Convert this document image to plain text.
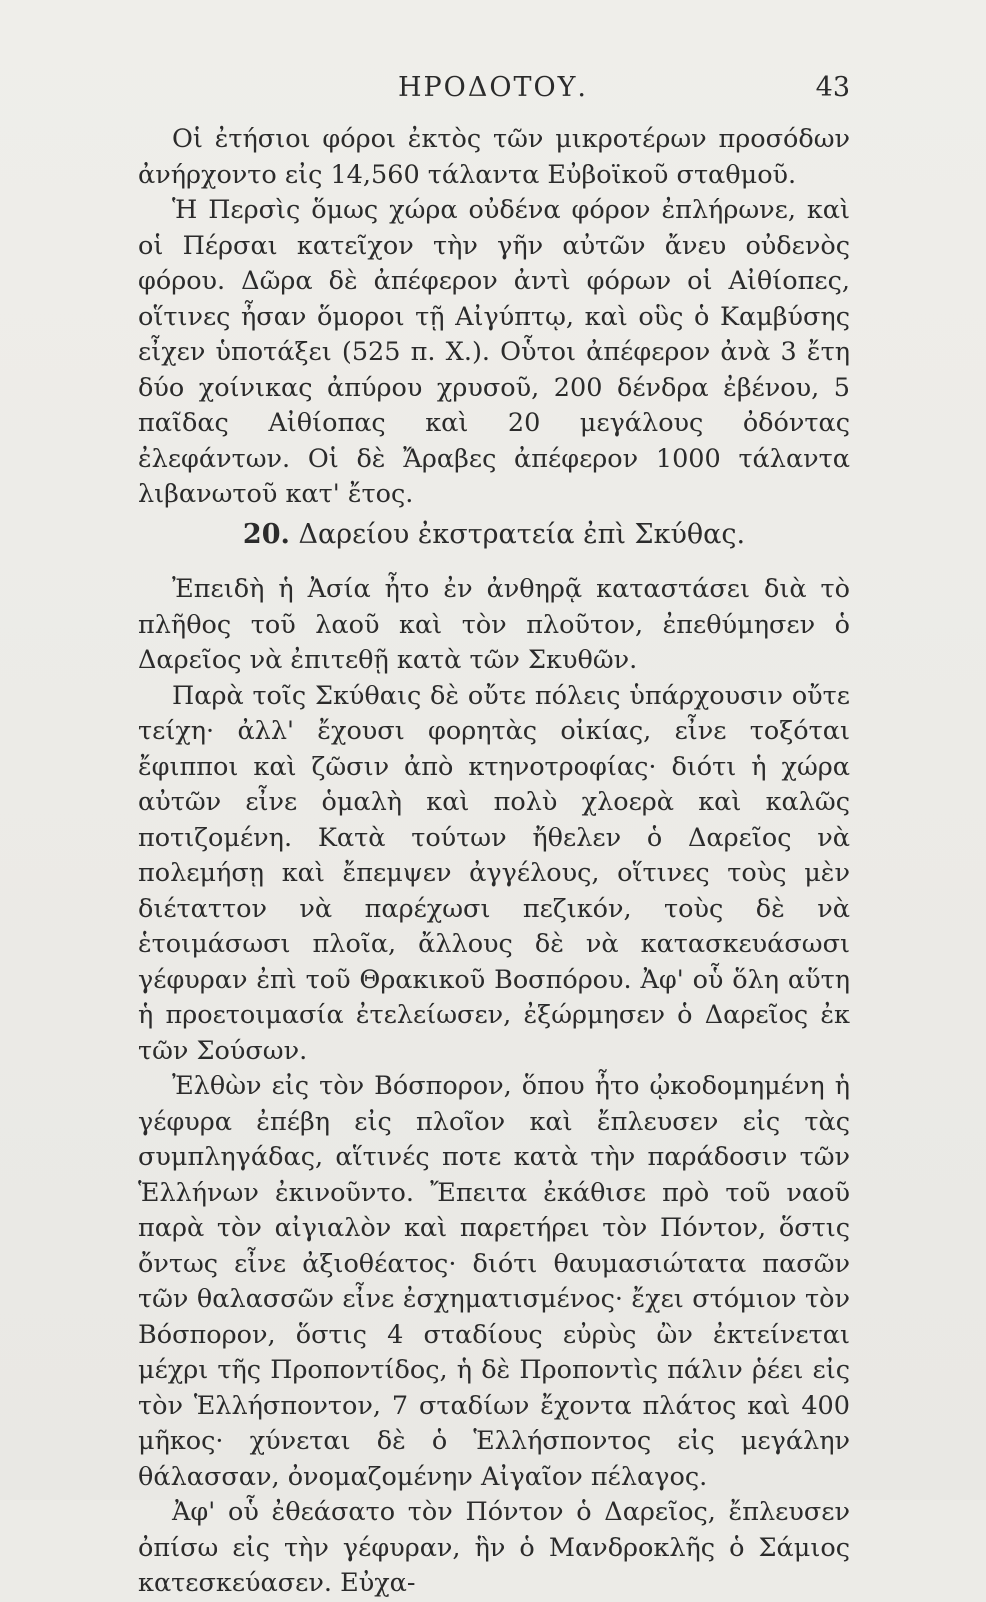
ΗΡΟΔΟΤΟΥ.	43

Οἱ ἐτήσιοι φόροι ἐκτὸς τῶν μικροτέρων προσόδων ἀνήρχοντο εἰς 14,560 τάλαντα Εὐβοϊκοῦ σταθμοῦ.

Ἡ Περσὶς ὅμως χώρα οὐδένα φόρον ἐπλήρωνε, καὶ οἱ Πέρσαι κατεῖχον τὴν γῆν αὐτῶν ἄνευ οὐδενὸς φόρου. Δῶρα δὲ ἀπέφερον ἀντὶ φόρων οἱ Αἰθίοπες, οἵτινες ἦσαν ὅμοροι τῇ Αἰγύπτῳ, καὶ οὓς ὁ Καμβύσης εἶχεν ὑποτάξει (525 π. Χ.). Οὗτοι ἀπέφερον ἀνὰ 3 ἔτη δύο χοίνικας ἀπύρου χρυσοῦ, 200 δένδρα ἐβένου, 5 παῖδας Αἰθίοπας καὶ 20 μεγάλους ὀδόντας ἐλεφάντων. Οἱ δὲ Ἄραβες ἀπέφερον 1000 τάλαντα λιβανωτοῦ κατ' ἔτος.

20. Δαρείου ἐκστρατεία ἐπὶ Σκύθας.

Ἐπειδὴ ἡ Ἀσία ἦτο ἐν ἀνθηρᾷ καταστάσει διὰ τὸ πλῆθος τοῦ λαοῦ καὶ τὸν πλοῦτον, ἐπεθύμησεν ὁ Δαρεῖος νὰ ἐπιτεθῇ κατὰ τῶν Σκυθῶν.

Παρὰ τοῖς Σκύθαις δὲ οὔτε πόλεις ὑπάρχουσιν οὔτε τείχη· ἀλλ' ἔχουσι φορητὰς οἰκίας, εἶνε τοξόται ἔφιπποι καὶ ζῶσιν ἀπὸ κτηνοτροφίας· διότι ἡ χώρα αὐτῶν εἶνε ὁμαλὴ καὶ πολὺ χλοερὰ καὶ καλῶς ποτιζομένη. Κατὰ τούτων ἤθελεν ὁ Δαρεῖος νὰ πολεμήσῃ καὶ ἔπεμψεν ἀγγέλους, οἵτινες τοὺς μὲν διέταττον νὰ παρέχωσι πεζικόν, τοὺς δὲ νὰ ἑτοιμάσωσι πλοῖα, ἄλλους δὲ νὰ κατασκευάσωσι γέφυραν ἐπὶ τοῦ Θρακικοῦ Βοσπόρου. Ἀφ' οὗ ὅλη αὕτη ἡ προετοιμασία ἐτελείωσεν, ἐξώρμησεν ὁ Δαρεῖος ἐκ τῶν Σούσων.

Ἐλθὼν εἰς τὸν Βόσπορον, ὅπου ἦτο ᾠκοδομημένη ἡ γέφυρα ἐπέβη εἰς πλοῖον καὶ ἔπλευσεν εἰς τὰς συμπληγάδας, αἵτινές ποτε κατὰ τὴν παράδοσιν τῶν Ἑλλήνων ἐκινοῦντο. Ἔπειτα ἐκάθισε πρὸ τοῦ ναοῦ παρὰ τὸν αἰγιαλὸν καὶ παρετήρει τὸν Πόντον, ὅστις ὄντως εἶνε ἀξιοθέατος· διότι θαυμασιώτατα πασῶν τῶν θαλασσῶν εἶνε ἐσχηματισμένος· ἔχει στόμιον τὸν Βόσπορον, ὅστις 4 σταδίους εὐρὺς ὢν ἐκτείνεται μέχρι τῆς Προποντίδος, ἡ δὲ Προποντὶς πάλιν ῥέει εἰς τὸν Ἑλλήσποντον, 7 σταδίων ἔχοντα πλάτος καὶ 400 μῆκος· χύνεται δὲ ὁ Ἑλλήσποντος εἰς μεγάλην θάλασσαν, ὀνομαζομένην Αἰγαῖον πέλαγος.

Ἀφ' οὗ ἐθεάσατο τὸν Πόντον ὁ Δαρεῖος, ἔπλευσεν ὀπίσω εἰς τὴν γέφυραν, ἣν ὁ Μανδροκλῆς ὁ Σάμιος κατεσκεύασεν. Εὐχα-
